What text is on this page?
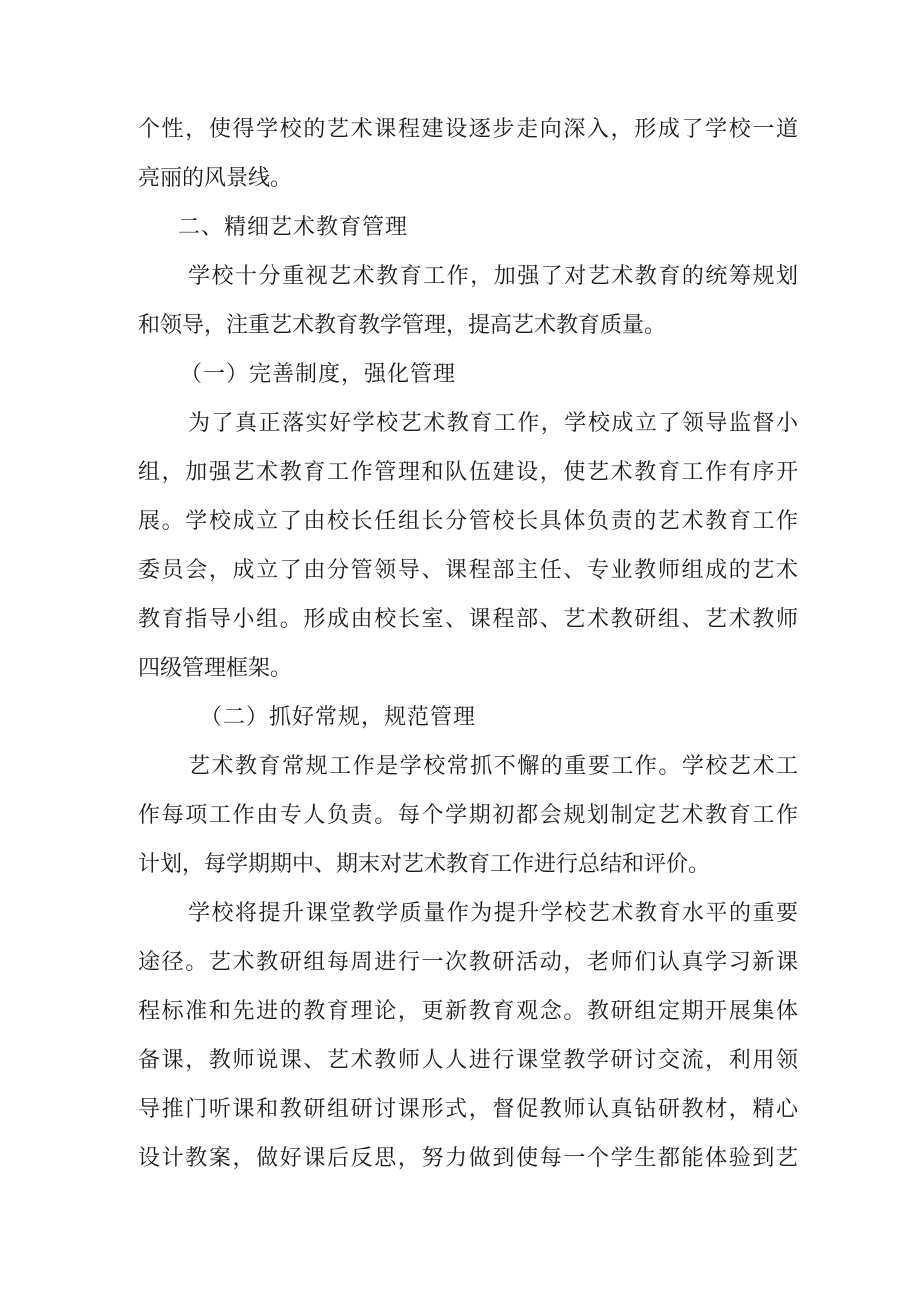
个性，使得学校的艺术课程建设逐步走向深入，形成了学校一道
亮丽的风景线。
二、精细艺术教育管理
学校十分重视艺术教育工作，加强了对艺术教育的统筹规划
和领导，注重艺术教育教学管理，提高艺术教育质量。
（一）完善制度，强化管理
为了真正落实好学校艺术教育工作，学校成立了领导监督小
组，加强艺术教育工作管理和队伍建设，使艺术教育工作有序开
展。学校成立了由校长任组长分管校长具体负责的艺术教育工作
委员会，成立了由分管领导、课程部主任、专业教师组成的艺术
教育指导小组。形成由校长室、课程部、艺术教研组、艺术教师
四级管理框架。
（二）抓好常规，规范管理
艺术教育常规工作是学校常抓不懈的重要工作。学校艺术工
作每项工作由专人负责。每个学期初都会规划制定艺术教育工作
计划，每学期期中、期末对艺术教育工作进行总结和评价。
学校将提升课堂教学质量作为提升学校艺术教育水平的重要
途径。艺术教研组每周进行一次教研活动，老师们认真学习新课
程标准和先进的教育理论，更新教育观念。教研组定期开展集体
备课，教师说课、艺术教师人人进行课堂教学研讨交流，利用领
导推门听课和教研组研讨课形式，督促教师认真钻研教材，精心
设计教案，做好课后反思，努力做到使每一个学生都能体验到艺
